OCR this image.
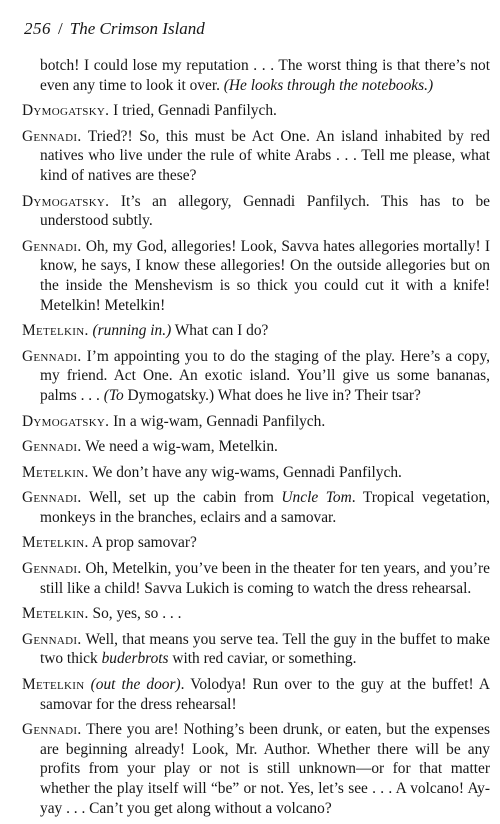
256 / The Crimson Island

botch! I could lose my reputation . . . The worst thing is that there’s not even any time to look it over. (He looks through the notebooks.)

Dymogatsky. I tried, Gennadi Panfilych.

Gennadi. Tried?! So, this must be Act One. An island inhabited by red natives who live under the rule of white Arabs . . . Tell me please, what kind of natives are these?

Dymogatsky. It’s an allegory, Gennadi Panfilych. This has to be understood subtly.

Gennadi. Oh, my God, allegories! Look, Savva hates allegories mortally! I know, he says, I know these allegories! On the outside allegories but on the inside the Menshevism is so thick you could cut it with a knife! Metelkin! Metelkin!

Metelkin. (running in.) What can I do?

Gennadi. I’m appointing you to do the staging of the play. Here’s a copy, my friend. Act One. An exotic island. You’ll give us some bananas, palms . . . (To Dymogatsky.) What does he live in? Their tsar?

Dymogatsky. In a wig-wam, Gennadi Panfilych.

Gennadi. We need a wig-wam, Metelkin.

Metelkin. We don’t have any wig-wams, Gennadi Panfilych.

Gennadi. Well, set up the cabin from Uncle Tom. Tropical vegetation, monkeys in the branches, eclairs and a samovar.

Metelkin. A prop samovar?

Gennadi. Oh, Metelkin, you’ve been in the theater for ten years, and you’re still like a child! Savva Lukich is coming to watch the dress rehearsal.

Metelkin. So, yes, so . . .

Gennadi. Well, that means you serve tea. Tell the guy in the buffet to make two thick buderbrots with red caviar, or something.

Metelkin (out the door). Volodya! Run over to the guy at the buffet! A samovar for the dress rehearsal!

Gennadi. There you are! Nothing’s been drunk, or eaten, but the expenses are beginning already! Look, Mr. Author. Whether there will be any profits from your play or not is still unknown—or for that matter whether the play itself will “be” or not. Yes, let’s see . . . A volcano! Ay-yay . . . Can’t you get along without a volcano?
